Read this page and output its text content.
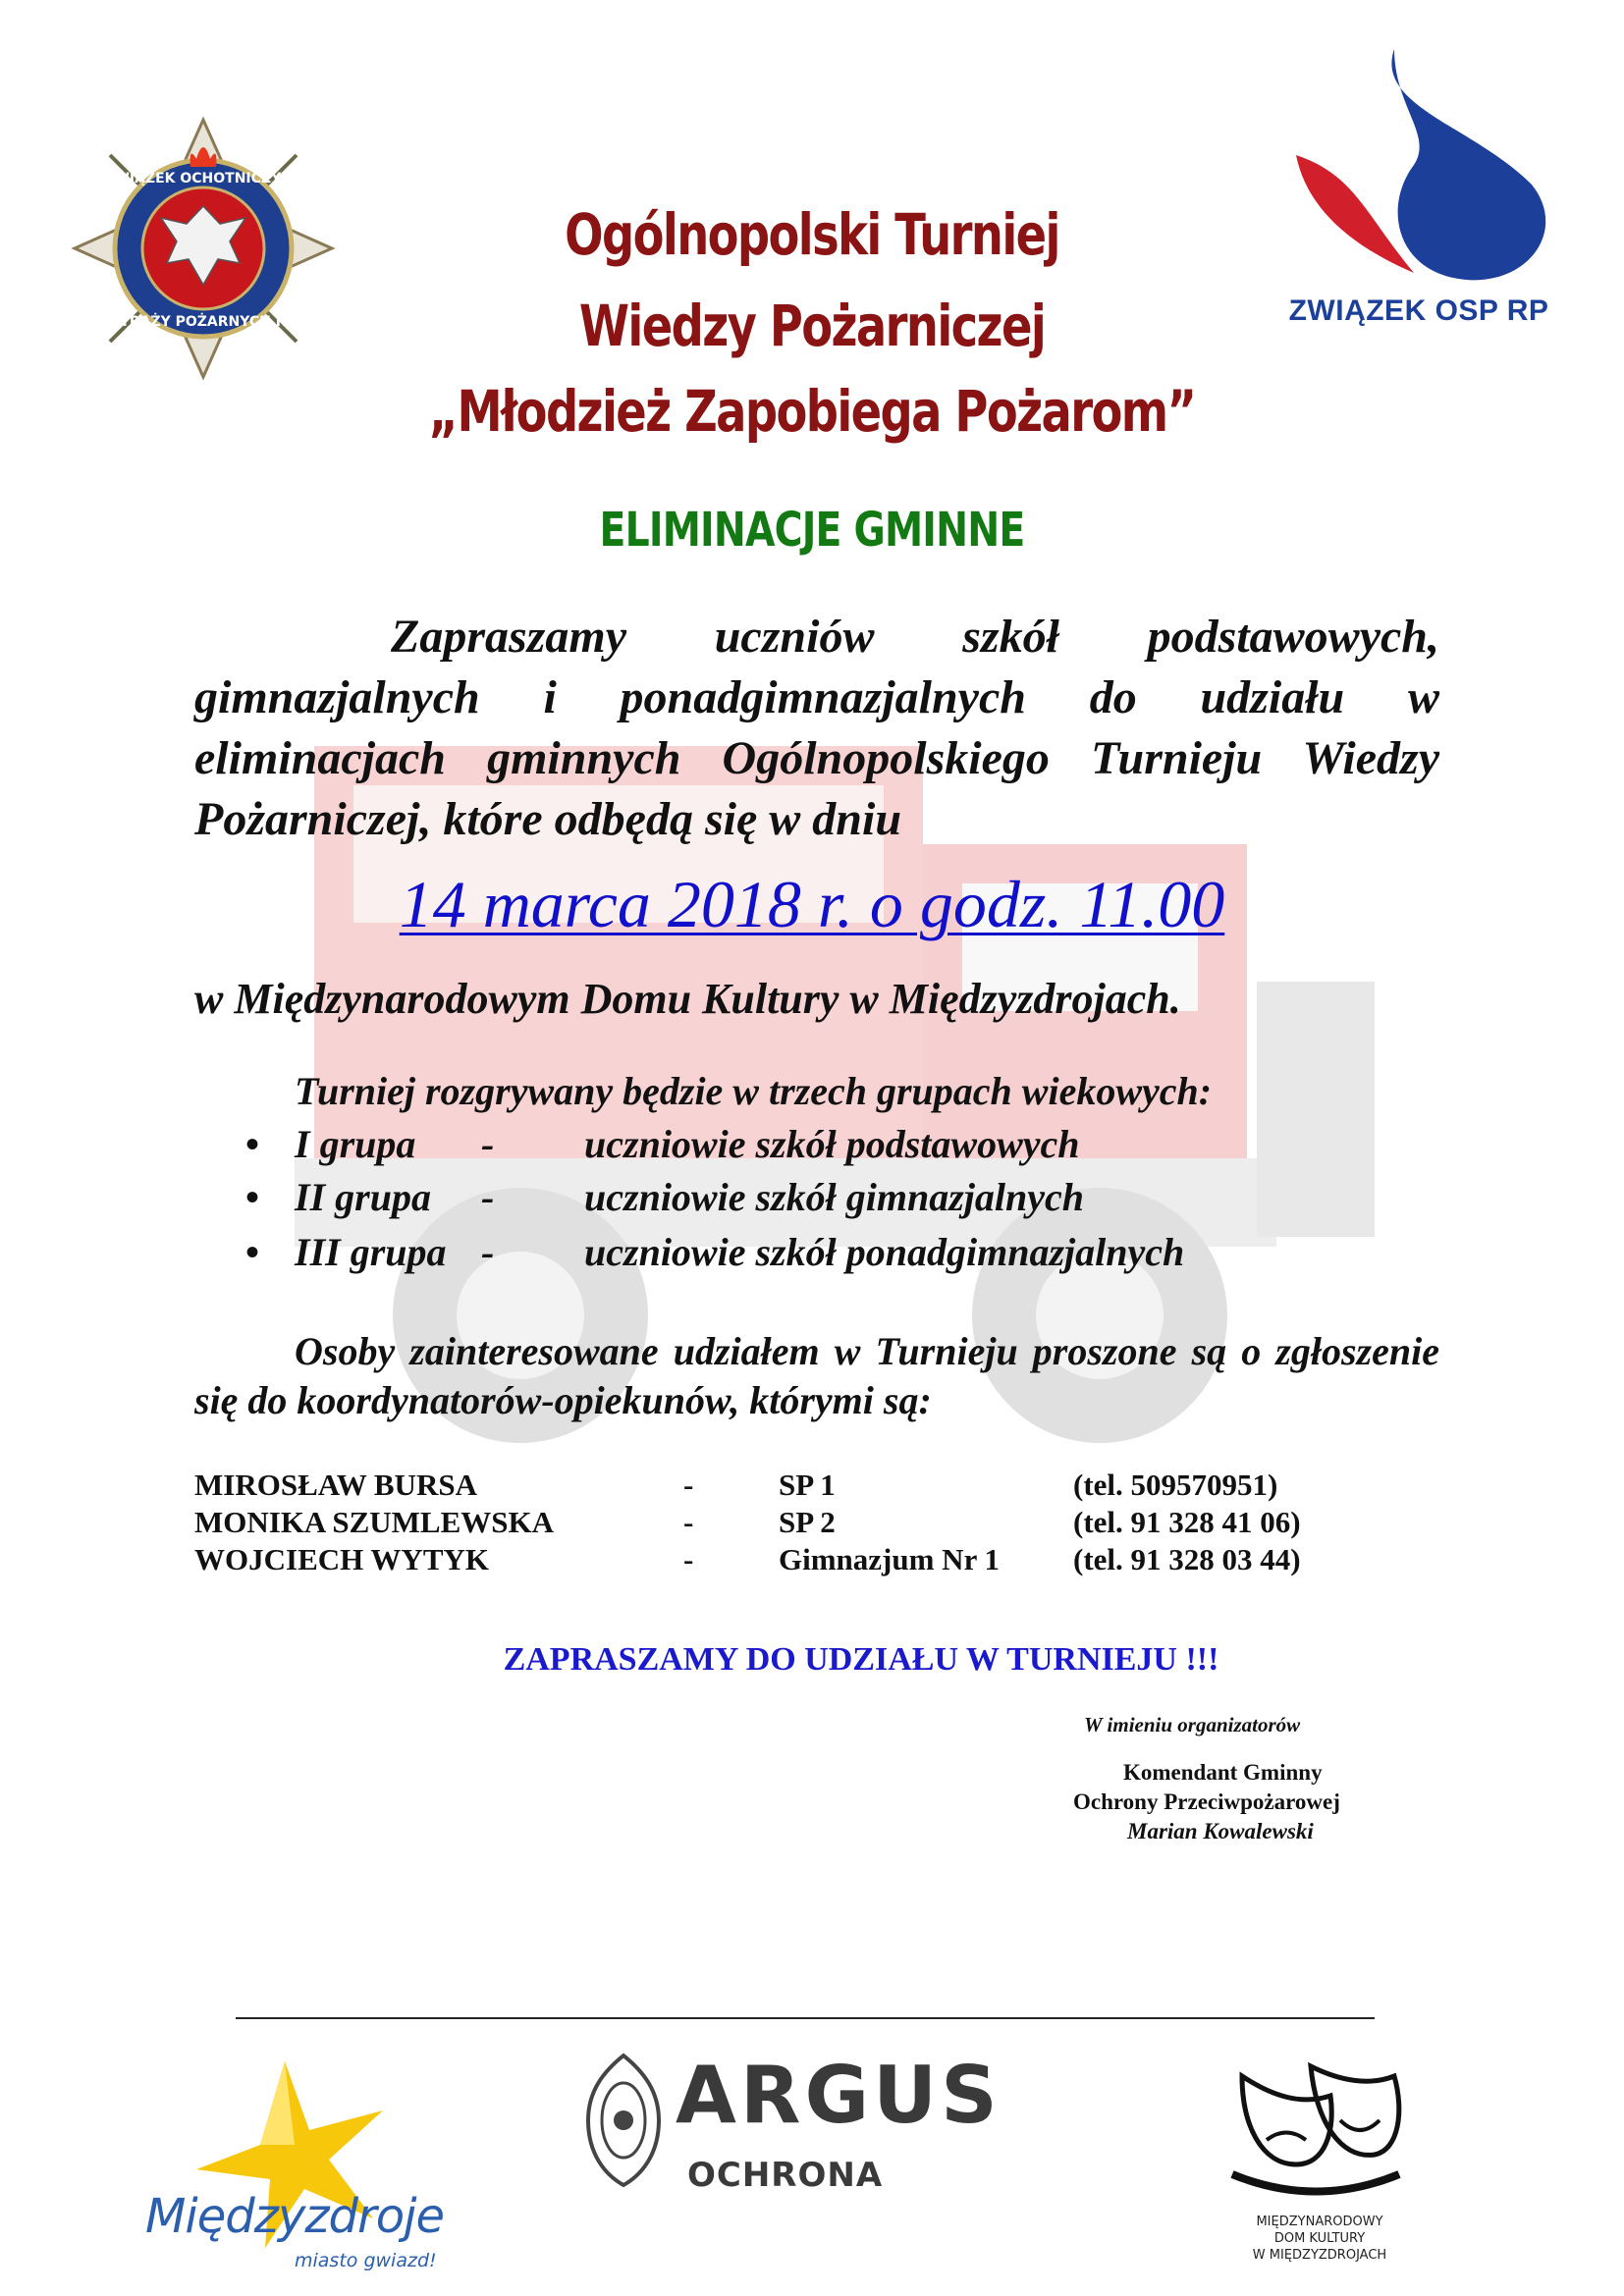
ZWIĄZEK OCHOTNICZYCH
STRAŻY POŻARNYCH RP	ZWIĄZEK OSP RP
Ogólnopolski Turniej
Wiedzy Pożarniczej
„Młodzież Zapobiega Pożarom”
ELIMINACJE GMINNE

Zapraszamy uczniów szkół podstawowych, gimnazjalnych i ponadgimnazjalnych do udziału w eliminacjach gminnych Ogólnopolskiego Turnieju Wiedzy Pożarniczej, które odbędą się w dniu

14 marca 2018 r. o godz. 11.00
w Międzynarodowym Domu Kultury w Międzyzdrojach.
Turniej rozgrywany będzie w trzech grupach wiekowych:
• I grupa - uczniowie szkół podstawowych
• II grupa - uczniowie szkół gimnazjalnych
• III grupa - uczniowie szkół ponadgimnazjalnych

Osoby zainteresowane udziałem w Turnieju proszone są o zgłoszenie się do koordynatorów-opiekunów, którymi są:

MIROSŁAW BURSA	-	SP 1	(tel. 509570951)
MONIKA SZUMLEWSKA	-	SP 2	(tel. 91 328 41 06)
WOJCIECH WYTYK	-	Gimnazjum Nr 1 (tel. 91 328 03 44)
ZAPRASZAMY DO UDZIAŁU W TURNIEJU !!!
W imieniu organizatorów
Komendant Gminny
Ochrony Przeciwpożarowej
Marian Kowalewski
Międzyzdroje
miasto gwiazd!
ARGUS
OCHRONA
MIĘDZYNARODOWY
DOM KULTURY
W MIĘDZYZDROJACH
